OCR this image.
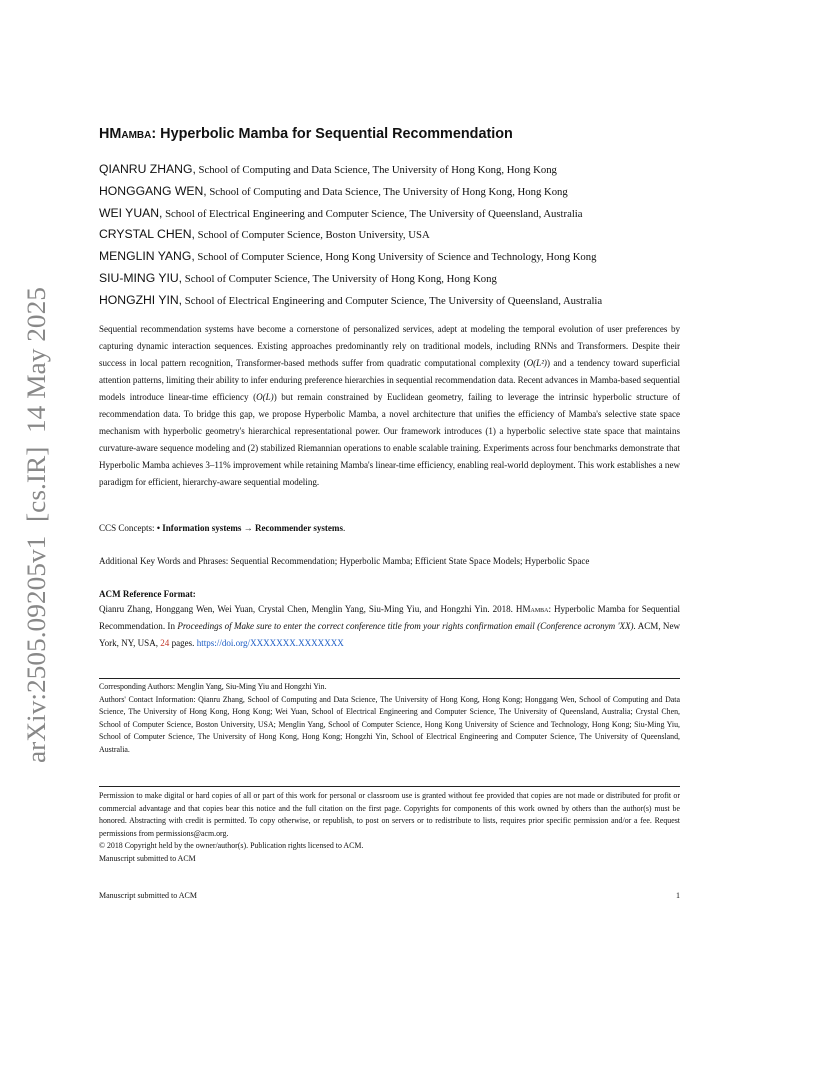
arXiv:2505.09205v1  [cs.IR]  14 May 2025
HMamba: Hyperbolic Mamba for Sequential Recommendation
QIANRU ZHANG, School of Computing and Data Science, The University of Hong Kong, Hong Kong
HONGGANG WEN, School of Computing and Data Science, The University of Hong Kong, Hong Kong
WEI YUAN, School of Electrical Engineering and Computer Science, The University of Queensland, Australia
CRYSTAL CHEN, School of Computer Science, Boston University, USA
MENGLIN YANG, School of Computer Science, Hong Kong University of Science and Technology, Hong Kong
SIU-MING YIU, School of Computer Science, The University of Hong Kong, Hong Kong
HONGZHI YIN, School of Electrical Engineering and Computer Science, The University of Queensland, Australia
Sequential recommendation systems have become a cornerstone of personalized services, adept at modeling the temporal evolution of user preferences by capturing dynamic interaction sequences. Existing approaches predominantly rely on traditional models, including RNNs and Transformers. Despite their success in local pattern recognition, Transformer-based methods suffer from quadratic computational complexity (O(L²)) and a tendency toward superficial attention patterns, limiting their ability to infer enduring preference hierarchies in sequential recommendation data. Recent advances in Mamba-based sequential models introduce linear-time efficiency (O(L)) but remain constrained by Euclidean geometry, failing to leverage the intrinsic hyperbolic structure of recommendation data. To bridge this gap, we propose Hyperbolic Mamba, a novel architecture that unifies the efficiency of Mamba's selective state space mechanism with hyperbolic geometry's hierarchical representational power. Our framework introduces (1) a hyperbolic selective state space that maintains curvature-aware sequence modeling and (2) stabilized Riemannian operations to enable scalable training. Experiments across four benchmarks demonstrate that Hyperbolic Mamba achieves 3–11% improvement while retaining Mamba's linear-time efficiency, enabling real-world deployment. This work establishes a new paradigm for efficient, hierarchy-aware sequential modeling.
CCS Concepts: • Information systems → Recommender systems.
Additional Key Words and Phrases: Sequential Recommendation; Hyperbolic Mamba; Efficient State Space Models; Hyperbolic Space
ACM Reference Format:
Qianru Zhang, Honggang Wen, Wei Yuan, Crystal Chen, Menglin Yang, Siu-Ming Yiu, and Hongzhi Yin. 2018. HMamba: Hyperbolic Mamba for Sequential Recommendation. In Proceedings of Make sure to enter the correct conference title from your rights confirmation email (Conference acronym 'XX). ACM, New York, NY, USA, 24 pages. https://doi.org/XXXXXXX.XXXXXXX
Corresponding Authors: Menglin Yang, Siu-Ming Yiu and Hongzhi Yin.
Authors' Contact Information: Qianru Zhang, School of Computing and Data Science, The University of Hong Kong, Hong Kong; Honggang Wen, School of Computing and Data Science, The University of Hong Kong, Hong Kong; Wei Yuan, School of Electrical Engineering and Computer Science, The University of Queensland, Australia; Crystal Chen, School of Computer Science, Boston University, USA; Menglin Yang, School of Computer Science, Hong Kong University of Science and Technology, Hong Kong; Siu-Ming Yiu, School of Computer Science, The University of Hong Kong, Hong Kong; Hongzhi Yin, School of Electrical Engineering and Computer Science, The University of Queensland, Australia.
Permission to make digital or hard copies of all or part of this work for personal or classroom use is granted without fee provided that copies are not made or distributed for profit or commercial advantage and that copies bear this notice and the full citation on the first page. Copyrights for components of this work owned by others than the author(s) must be honored. Abstracting with credit is permitted. To copy otherwise, or republish, to post on servers or to redistribute to lists, requires prior specific permission and/or a fee. Request permissions from permissions@acm.org.
© 2018 Copyright held by the owner/author(s). Publication rights licensed to ACM.
Manuscript submitted to ACM
Manuscript submitted to ACM	1
